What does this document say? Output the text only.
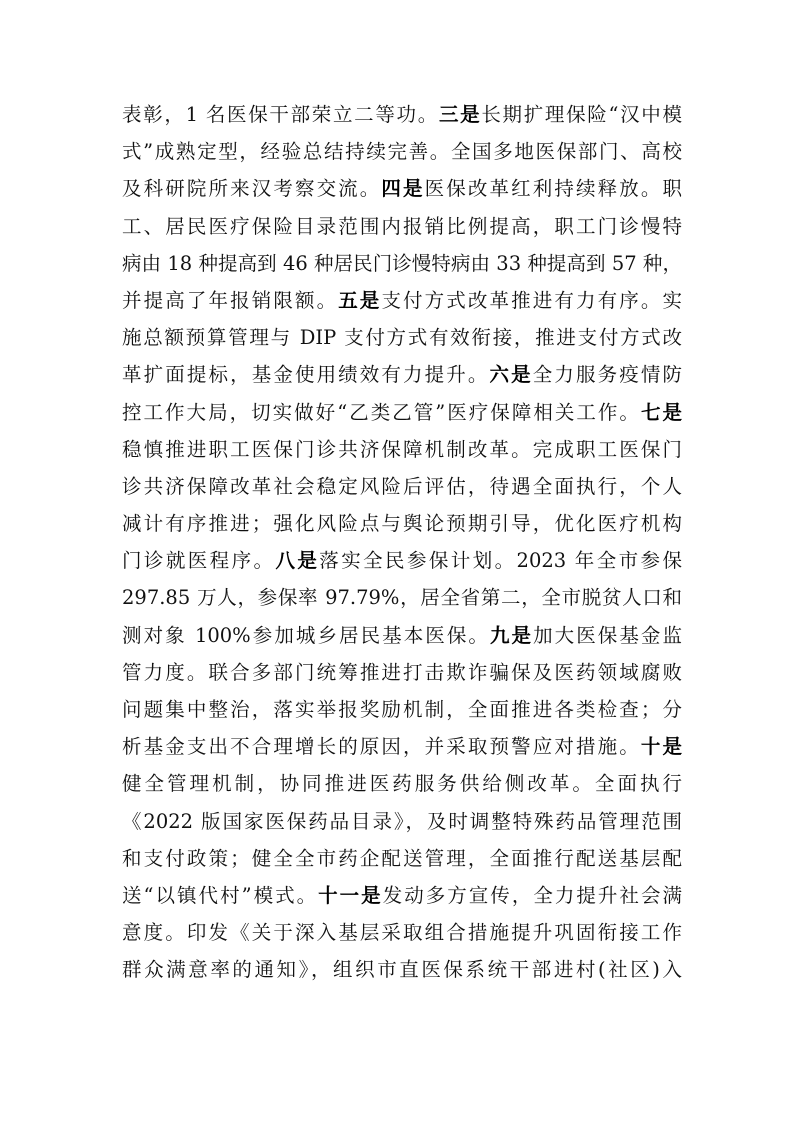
表彰，1 名医保干部荣立二等功。三是长期扩理保险“汉中模
式”成熟定型，经验总结持续完善。全国多地医保部门、高校
及科研院所来汉考察交流。四是医保改革红利持续释放。职
工、居民医疗保险目录范围内报销比例提高，职工门诊慢特
病由 18 种提高到 46 种居民门诊慢特病由 33 种提高到 57 种，
并提高了年报销限额。五是支付方式改革推进有力有序。实
施总额预算管理与 DIP 支付方式有效衔接，推进支付方式改
革扩面提标，基金使用绩效有力提升。六是全力服务疫情防
控工作大局，切实做好“乙类乙管”医疗保障相关工作。七是
稳慎推进职工医保门诊共济保障机制改革。完成职工医保门
诊共济保障改革社会稳定风险后评估，待遇全面执行，个人
减计有序推进；强化风险点与舆论预期引导，优化医疗机构
门诊就医程序。八是落实全民参保计划。2023 年全市参保
297.85 万人，参保率 97.79%，居全省第二，全市脱贫人口和
测对象 100%参加城乡居民基本医保。九是加大医保基金监
管力度。联合多部门统筹推进打击欺诈骗保及医药领域腐败
问题集中整治，落实举报奖励机制，全面推进各类检查；分
析基金支出不合理增长的原因，并采取预警应对措施。十是
健全管理机制，协同推进医药服务供给侧改革。全面执行
《2022 版国家医保药品目录》，及时调整特殊药品管理范围
和支付政策；健全全市药企配送管理，全面推行配送基层配
送“以镇代村”模式。十一是发动多方宣传，全力提升社会满
意度。印发《关于深入基层采取组合措施提升巩固衔接工作
群众满意率的通知》，组织市直医保系统干部进村(社区)入
